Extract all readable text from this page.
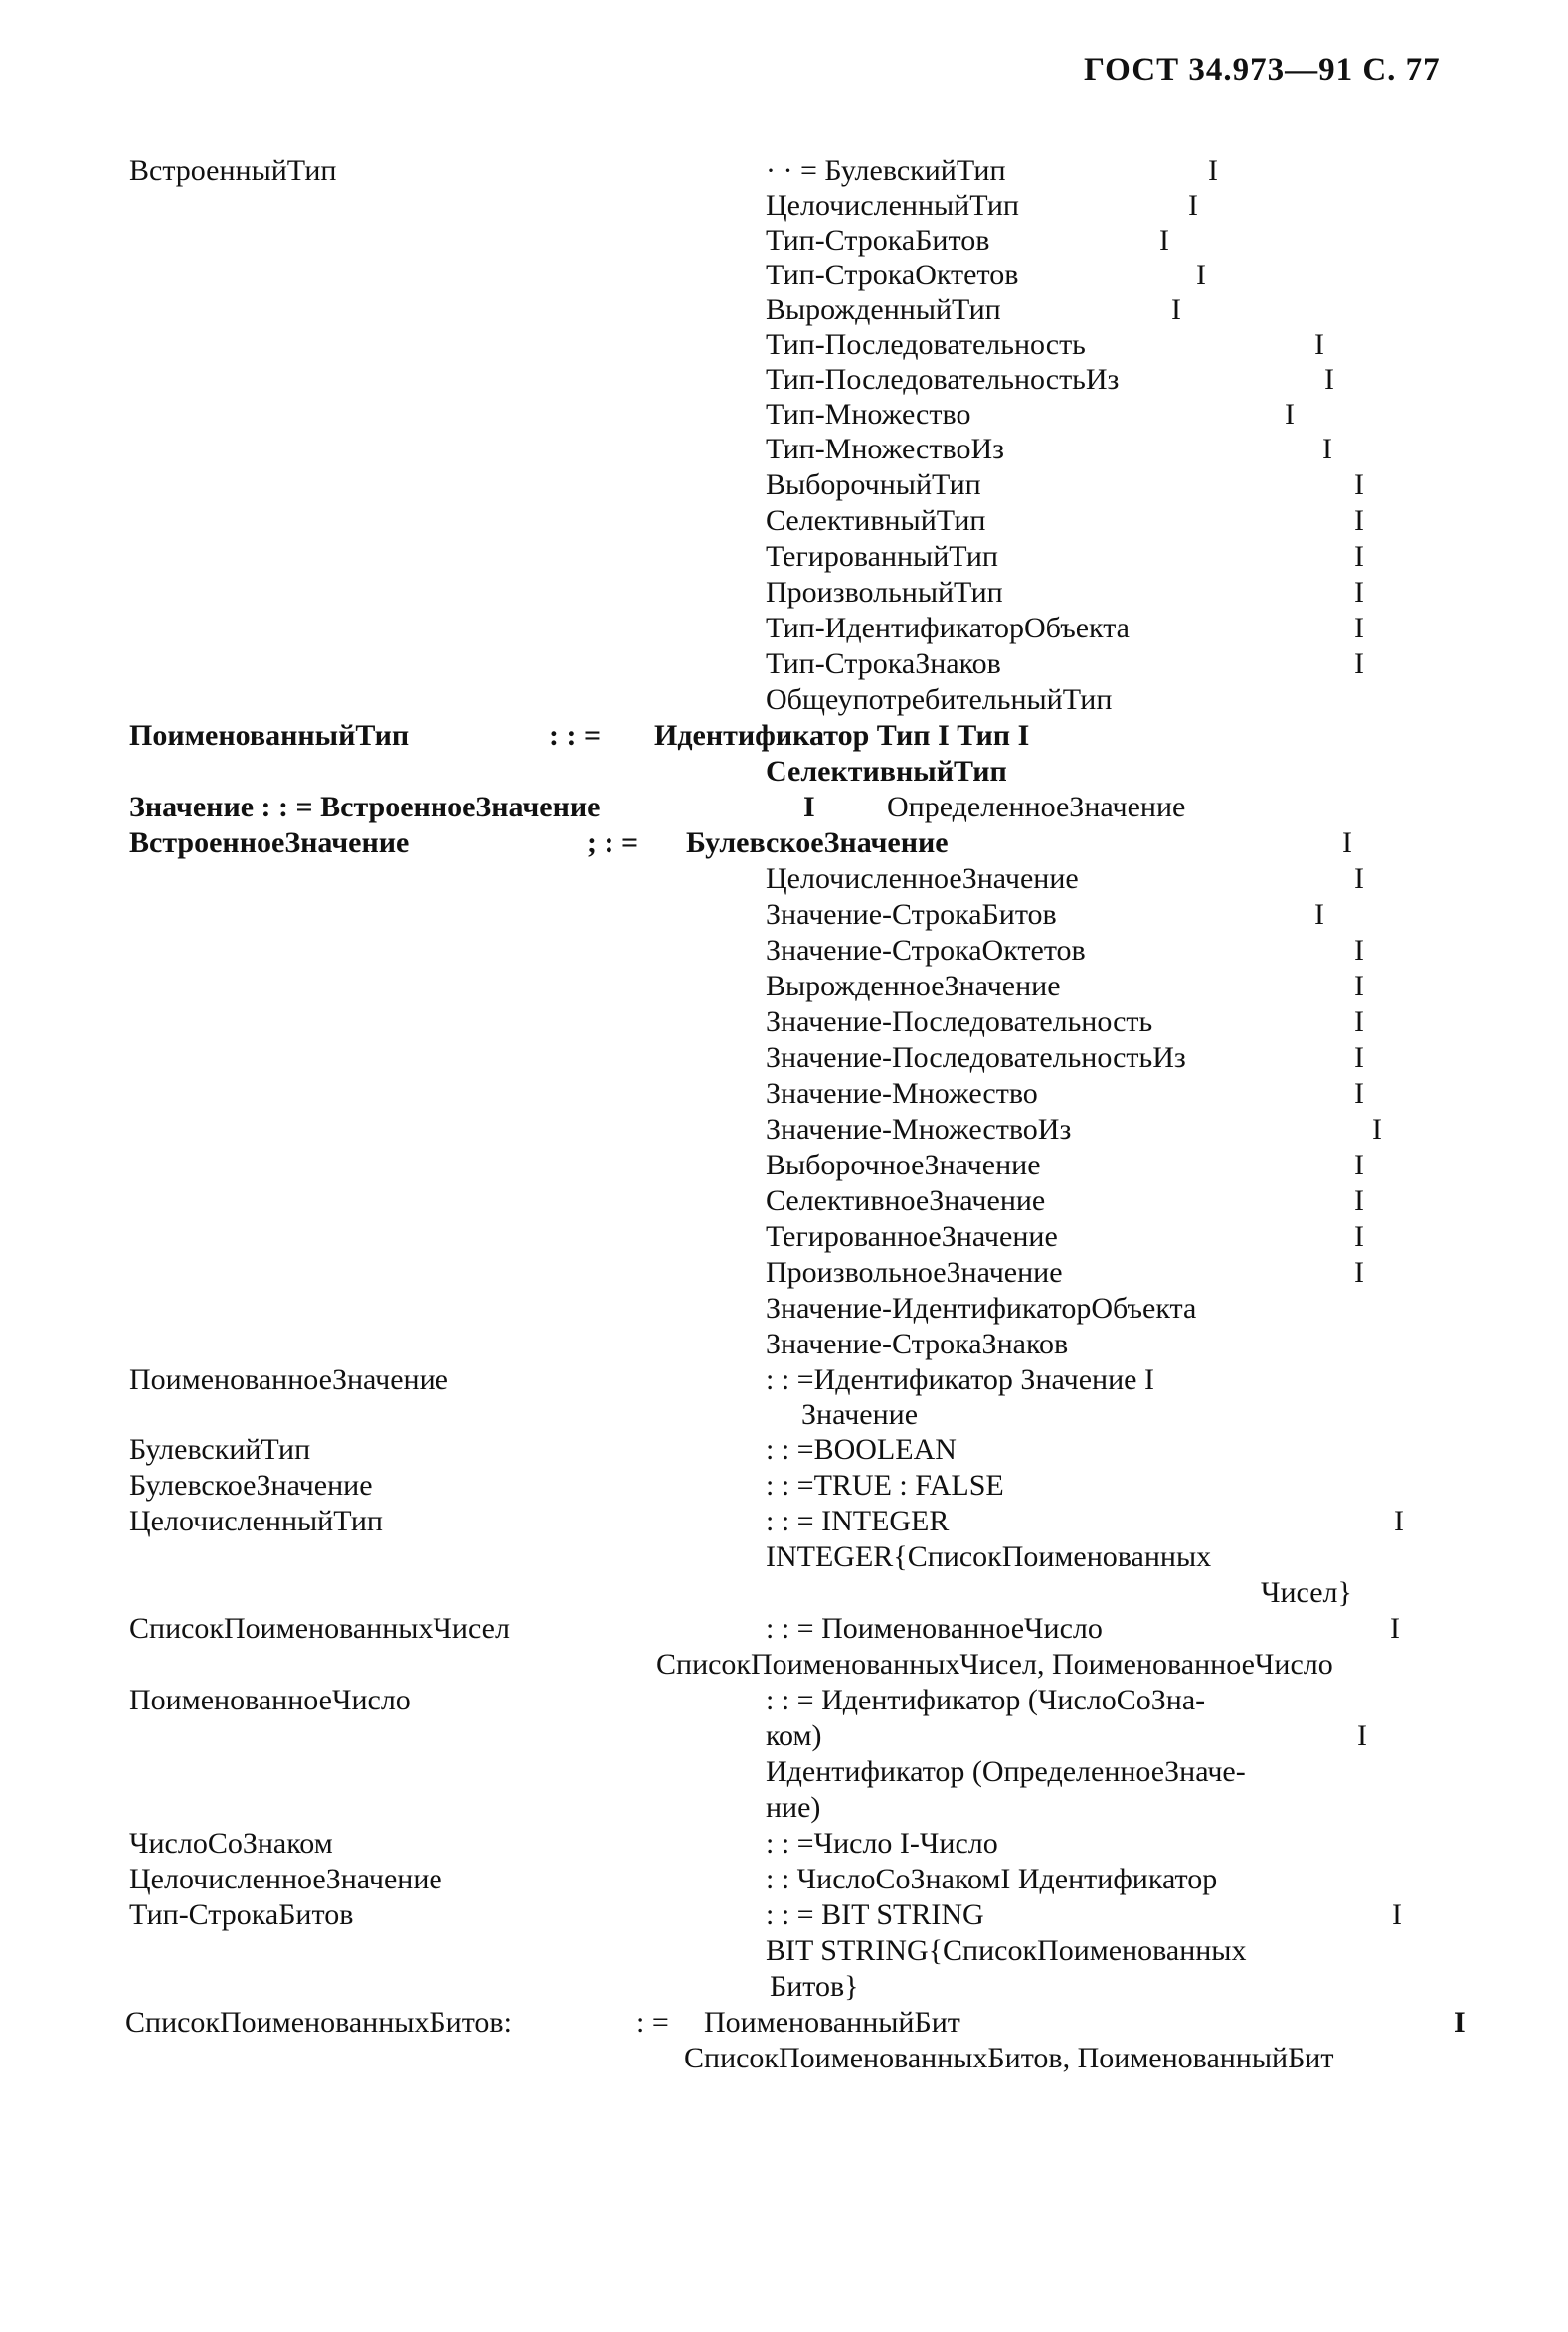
ГОСТ 34.973—91 С. 77
ВстроенныйТип	· · = БулевскийТип	I
ЦелочисленныйТип	I
Тип-СтрокаБитов	I
Тип-СтрокаОктетов	I
ВырожденныйТип	I
Тип-Последовательность	I
Тип-ПоследовательностьИз	I
Тип-Множество	I
Тип-МножествоИз	I
ВыборочныйТип	I
СелективныйТип	I
ТегированныйТип	I
ПроизвольныйТип	I
Тип-ИдентификаторОбъекта	I
Тип-СтрокаЗнаков	I
ОбщеупотребительныйТип
ПоименованныйТип	: : = Идентификатор Тип I Тип I
СелективныйТип
Значение : : = ВстроенноеЗначение	I ОпределенноеЗначение
ВстроенноеЗначение	; : = БулевскоеЗначение	I
ЦелочисленноеЗначение	I
Значение-СтрокаБитов	I
Значение-СтрокаОктетов	I
ВырожденноеЗначение	I
Значение-Последовательность	I
Значение-ПоследовательностьИз	I
Значение-Множество	I
Значение-МножествоИз	I
ВыборочноеЗначение	I
СелективноеЗначение	I
ТегированноеЗначение	I
ПроизвольноеЗначение	I
Значение-ИдентификаторОбъекта
Значение-СтрокаЗнаков
ПоименованноеЗначение	: : =Идентификатор Значение I
Значение
БулевскийТип	: : =BOOLEAN
БулевскоеЗначение	: : =TRUE : FALSE
ЦелочисленныйТип	: : = INTEGER	I
INTEGER{СписокПоименованных
Чисел}
СписокПоименованныхЧисел	: : = ПоименованноеЧисло	I
СписокПоименованныхЧисел, ПоименованноеЧисло
ПоименованноеЧисло	: : = Идентификатор (ЧислоСоЗна-
ком)	I
Идентификатор (ОпределенноеЗначе-
ние)
ЧислоСоЗнаком	: : =Число I-Число
ЦелочисленноеЗначение	: : ЧислоСоЗнакомI Идентификатор
Тип-СтрокаБитов	: : = BIT STRING	I
BIT STRING{СписокПоименованных
Битов}
СписокПоименованныхБитов:	: = ПоименованныйБит	I
СписокПоименованныхБитов, ПоименованныйБит
